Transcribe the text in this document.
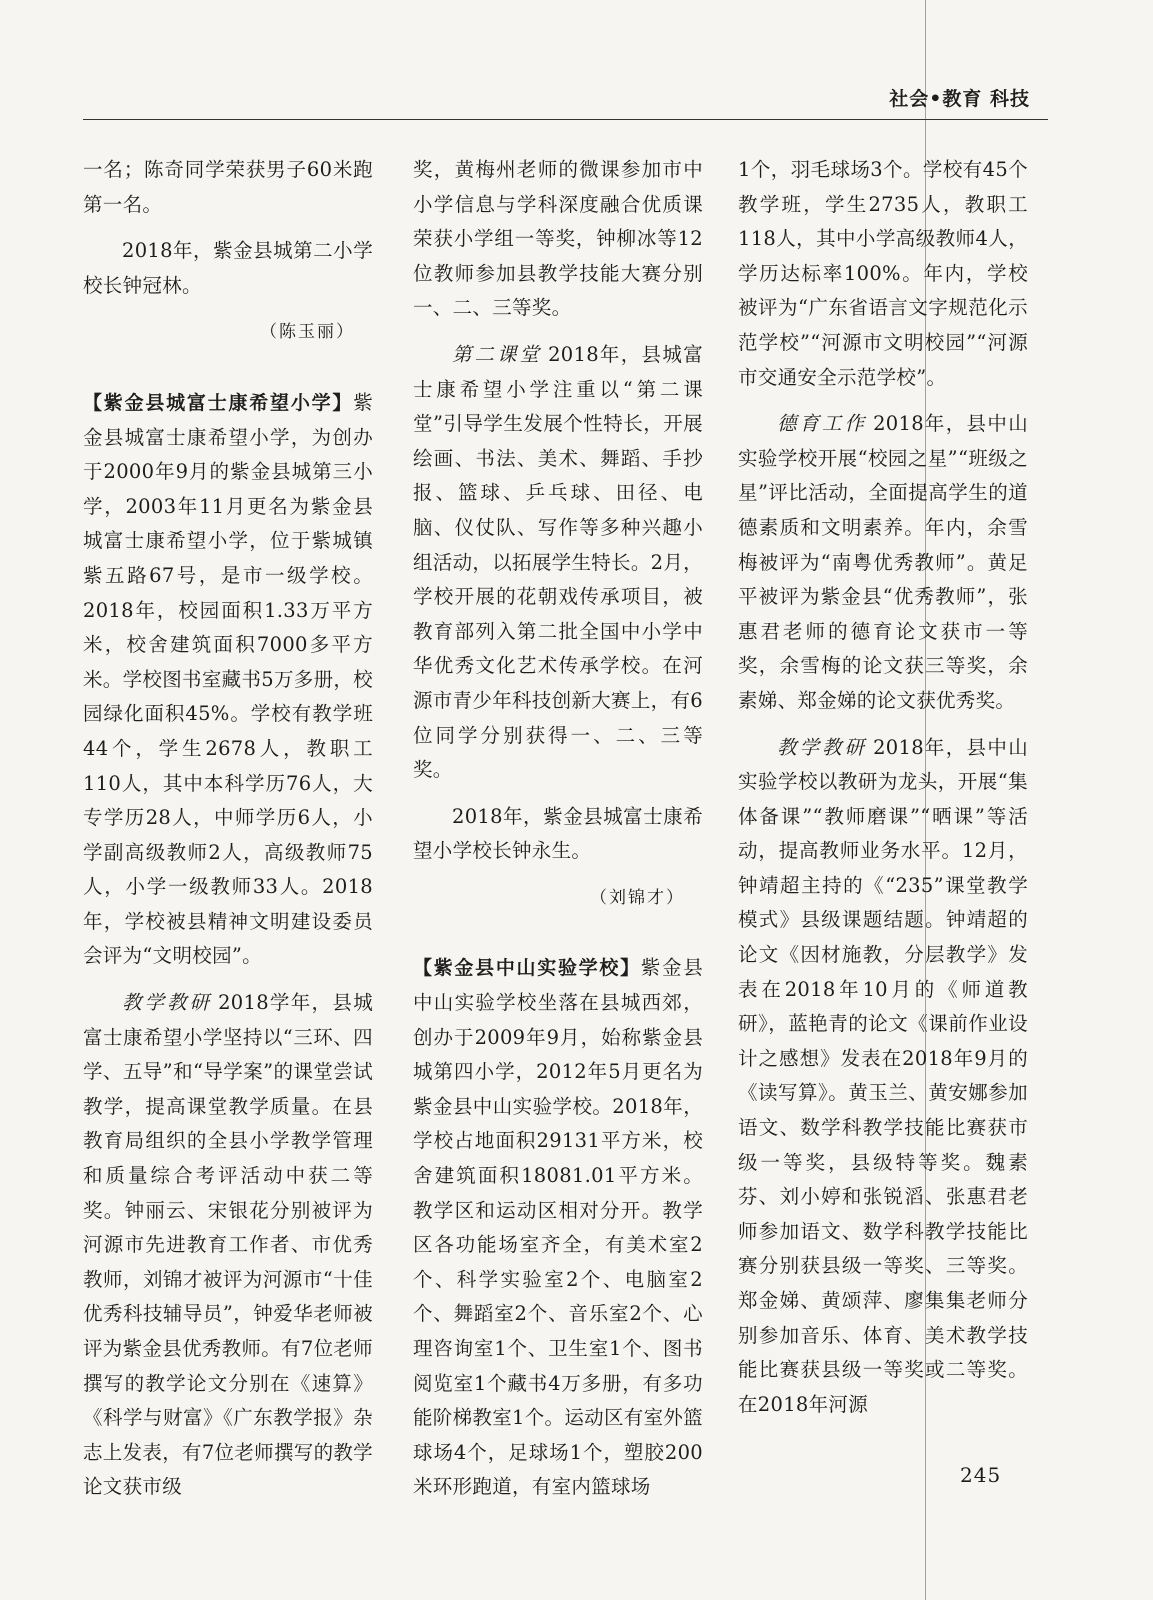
社会•教育 科技

一名；陈奇同学荣获男子60米跑第一名。

2018年，紫金县城第二小学校长钟冠林。

（陈玉丽）

【紫金县城富士康希望小学】紫金县城富士康希望小学，为创办于2000年9月的紫金县城第三小学，2003年11月更名为紫金县城富士康希望小学，位于紫城镇紫五路67号，是市一级学校。2018年，校园面积1.33万平方米，校舍建筑面积7000多平方米。学校图书室藏书5万多册，校园绿化面积45%。学校有教学班44个，学生2678人，教职工110人，其中本科学历76人，大专学历28人，中师学历6人，小学副高级教师2人，高级教师75人，小学一级教师33人。2018年，学校被县精神文明建设委员会评为“文明校园”。

教学教研 2018学年，县城富士康希望小学坚持以“三环、四学、五导”和“导学案”的课堂尝试教学，提高课堂教学质量。在县教育局组织的全县小学教学管理和质量综合考评活动中获二等奖。钟丽云、宋银花分别被评为河源市先进教育工作者、市优秀教师，刘锦才被评为河源市“十佳优秀科技辅导员”，钟爱华老师被评为紫金县优秀教师。有7位老师撰写的教学论文分别在《速算》《科学与财富》《广东教学报》杂志上发表，有7位老师撰写的教学论文获市级

奖，黄梅州老师的微课参加市中小学信息与学科深度融合优质课荣获小学组一等奖，钟柳冰等12位教师参加县教学技能大赛分别一、二、三等奖。

第二课堂 2018年，县城富士康希望小学注重以“第二课堂”引导学生发展个性特长，开展绘画、书法、美术、舞蹈、手抄报、篮球、乒乓球、田径、电脑、仪仗队、写作等多种兴趣小组活动，以拓展学生特长。2月，学校开展的花朝戏传承项目，被教育部列入第二批全国中小学中华优秀文化艺术传承学校。在河源市青少年科技创新大赛上，有6位同学分别获得一、二、三等奖。

2018年，紫金县城富士康希望小学校长钟永生。

（刘锦才）

【紫金县中山实验学校】紫金县中山实验学校坐落在县城西郊，创办于2009年9月，始称紫金县城第四小学，2012年5月更名为紫金县中山实验学校。2018年，学校占地面积29131平方米，校舍建筑面积18081.01平方米。教学区和运动区相对分开。教学区各功能场室齐全，有美术室2个、科学实验室2个、电脑室2个、舞蹈室2个、音乐室2个、心理咨询室1个、卫生室1个、图书阅览室1个藏书4万多册，有多功能阶梯教室1个。运动区有室外篮球场4个，足球场1个，塑胶200米环形跑道，有室内篮球场

1个，羽毛球场3个。学校有45个教学班，学生2735人，教职工118人，其中小学高级教师4人，学历达标率100%。年内，学校被评为“广东省语言文字规范化示范学校”“河源市文明校园”“河源市交通安全示范学校”。

德育工作 2018年，县中山实验学校开展“校园之星”“班级之星”评比活动，全面提高学生的道德素质和文明素养。年内，余雪梅被评为“南粤优秀教师”。黄足平被评为紫金县“优秀教师”，张惠君老师的德育论文获市一等奖，余雪梅的论文获三等奖，余素娣、郑金娣的论文获优秀奖。

教学教研 2018年，县中山实验学校以教研为龙头，开展“集体备课”“教师磨课”“晒课”等活动，提高教师业务水平。12月，钟靖超主持的《“235”课堂教学模式》县级课题结题。钟靖超的论文《因材施教，分层教学》发表在2018年10月的《师道教研》，蓝艳青的论文《课前作业设计之感想》发表在2018年9月的《读写算》。黄玉兰、黄安娜参加语文、数学科教学技能比赛获市级一等奖，县级特等奖。魏素芬、刘小婷和张锐滔、张惠君老师参加语文、数学科教学技能比赛分别获县级一等奖、三等奖。郑金娣、黄颂萍、廖集集老师分别参加音乐、体育、美术教学技能比赛获县级一等奖或二等奖。在2018年河源

245
